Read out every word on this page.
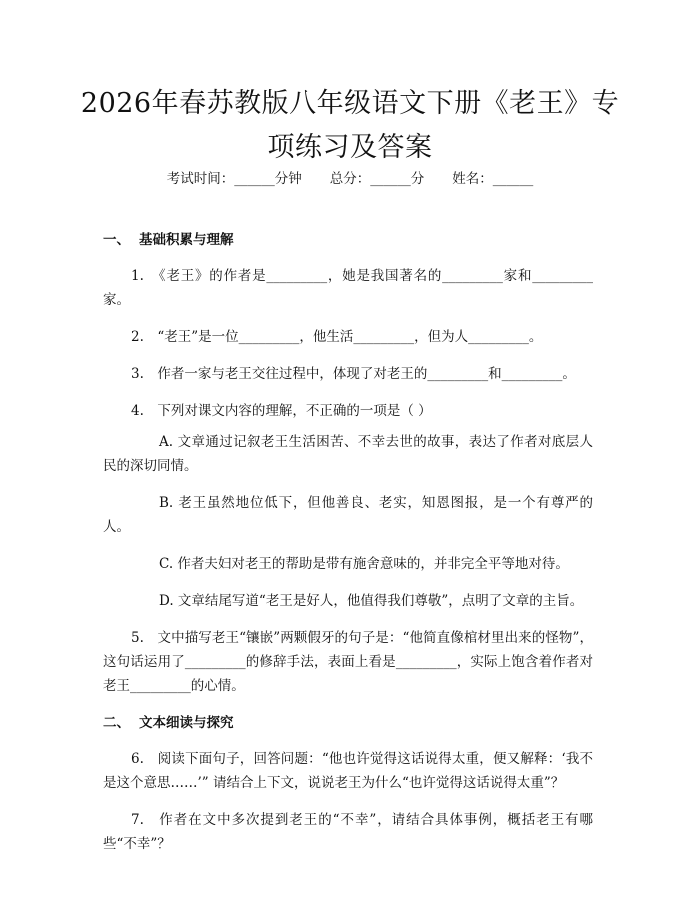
2026年春苏教版八年级语文下册《老王》专项练习及答案
考试时间：______分钟 总分：______分 姓名：______

一、 基础积累与理解

1.　《老王》的作者是_________，她是我国著名的_________家和_________家。

2.　“老王”是一位_________，他生活_________，但为人_________。

3.　作者一家与老王交往过程中，体现了对老王的_________和_________。

4.　下列对课文内容的理解，不正确的一项是（ ）

A. 文章通过记叙老王生活困苦、不幸去世的故事，表达了作者对底层人民的深切同情。

B. 老王虽然地位低下，但他善良、老实，知恩图报，是一个有尊严的人。

C. 作者夫妇对老王的帮助是带有施舍意味的，并非完全平等地对待。

D. 文章结尾写道“老王是好人，他值得我们尊敬”，点明了文章的主旨。

5.　文中描写老王“镶嵌”两颗假牙的句子是：“他简直像棺材里出来的怪物”，这句话运用了_________的修辞手法，表面上看是_________，实际上饱含着作者对老王_________的心情。

二、 文本细读与探究

6.　阅读下面句子，回答问题：“他也许觉得这话说得太重，便又解释：‘我不是这个意思……’” 请结合上下文，说说老王为什么“也许觉得这话说得太重”？

7.　作者在文中多次提到老王的“不幸”，请结合具体事例，概括老王有哪些“不幸”？
